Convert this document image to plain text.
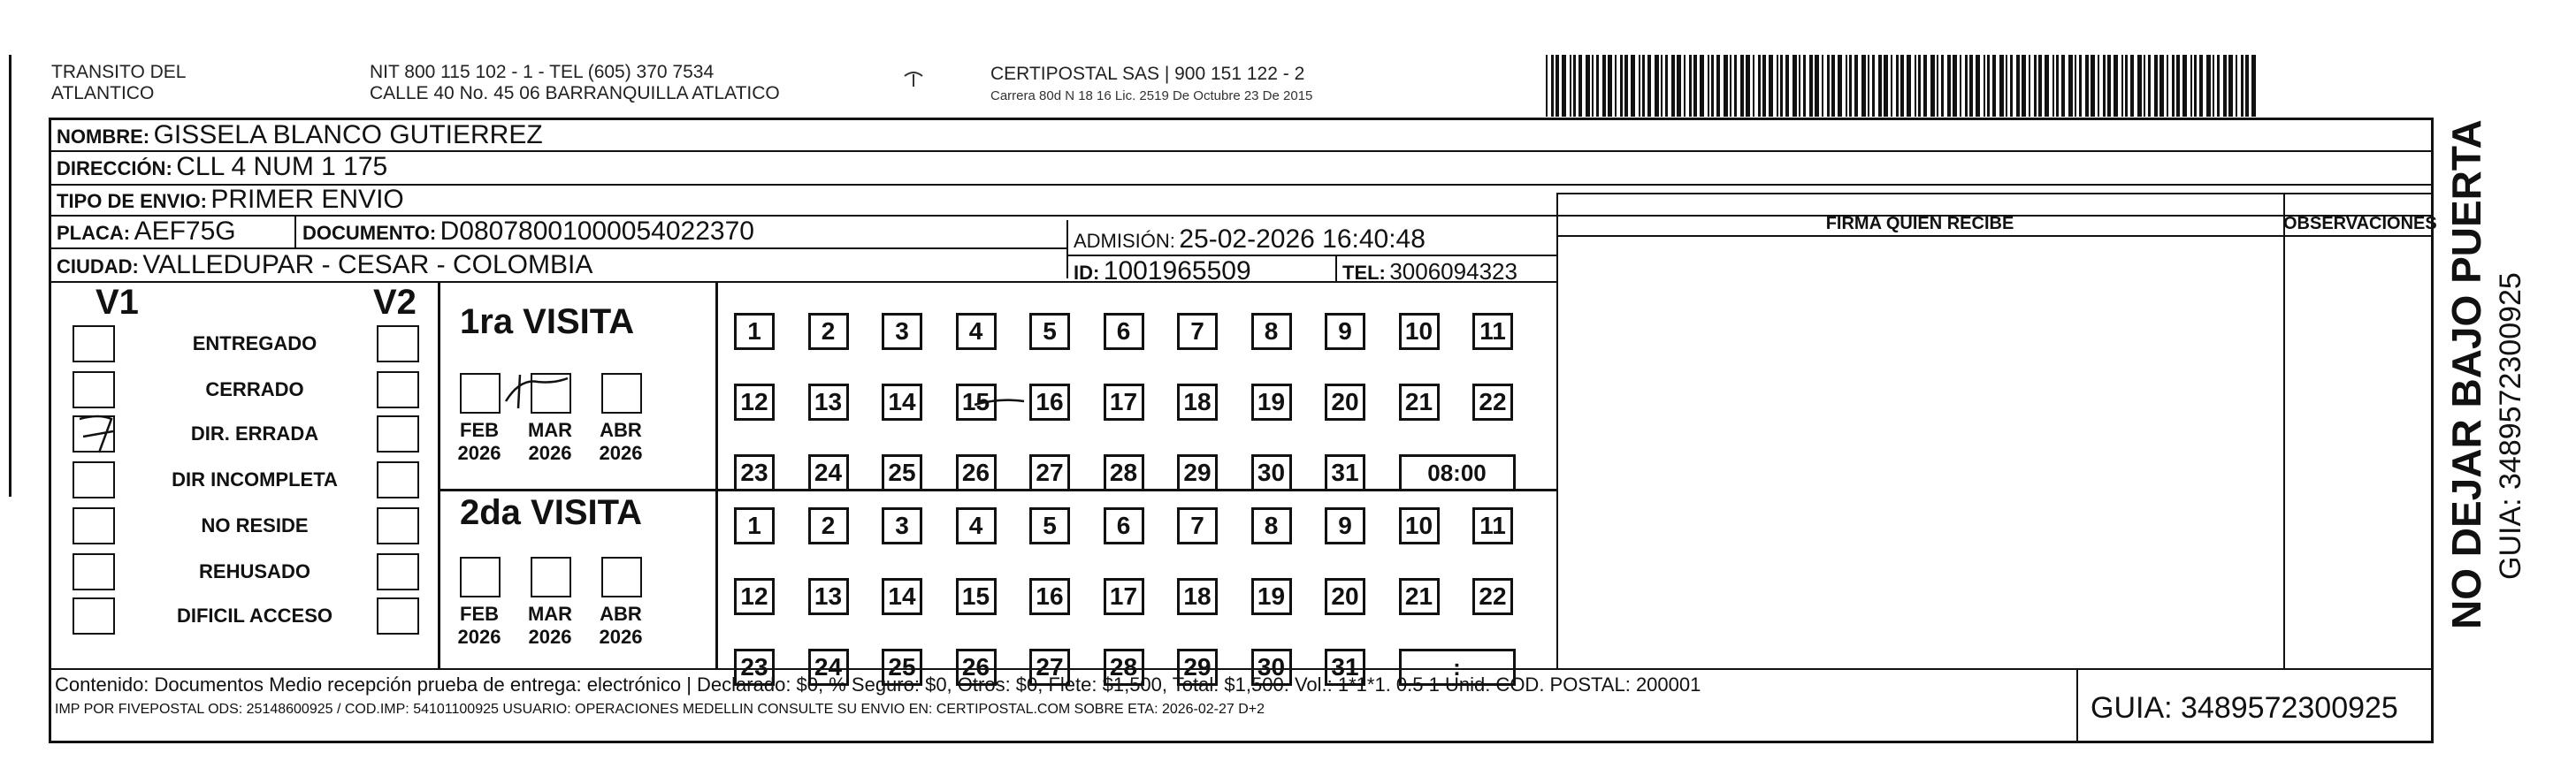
TRANSITO DEL
ATLANTICO
NIT 800 115 102 - 1 - TEL (605) 370 7534
CALLE 40 No. 45 06 BARRANQUILLA ATLATICO
CERTIPOSTAL SAS | 900 151 122 - 2
Carrera 80d N 18 16 Lic. 2519 De Octubre 23 De 2015
NOMBRE: GISSELA BLANCO GUTIERREZ
DIRECCIÓN: CLL 4 NUM 1 175
TIPO DE ENVIO: PRIMER ENVIO
PLACA: AEF75G	DOCUMENTO: D08078001000054022370	ADMISIÓN: 25-02-2026 16:40:48
CIUDAD: VALLEDUPAR - CESAR - COLOMBIA	ID: 1001965509	TEL: 3006094323
FIRMA QUIEN RECIBE	OBSERVACIONES
V1	V2
ENTREGADO
CERRADO
DIR. ERRADA
DIR INCOMPLETA
NO RESIDE
REHUSADO
DIFICIL ACCESO
1ra VISITA
2da VISITA
FEB
2026
MAR
2026
ABR
2026
FEB
2026
MAR
2026
ABR
2026
1	2	3	4	5	6	7	8	9	10 11
12 13 14 15 16 17 18 19 20 21 22
23 24 25 26 27 28 29 30 31	08:00
1	2	3	4	5	6	7	8	9	10 11
12 13 14 15 16 17 18 19 20 21 22
23 24 25 26 27 28 29 30 31	:
Contenido: Documentos Medio recepción prueba de entrega: electrónico | Declarado: $0, % Seguro: $0, Otros: $0, Flete: $1,500, Total: $1,500. Vol.: 1*1*1. 0.5 1 Unid. COD. POSTAL: 200001
IMP POR FIVEPOSTAL ODS: 25148600925 / COD.IMP: 54101100925 USUARIO: OPERACIONES MEDELLIN CONSULTE SU ENVIO EN: CERTIPOSTAL.COM SOBRE ETA: 2026-02-27 D+2	GUIA: 3489572300925
NO DEJAR BAJO PUERTA GUIA: 3489572300925
